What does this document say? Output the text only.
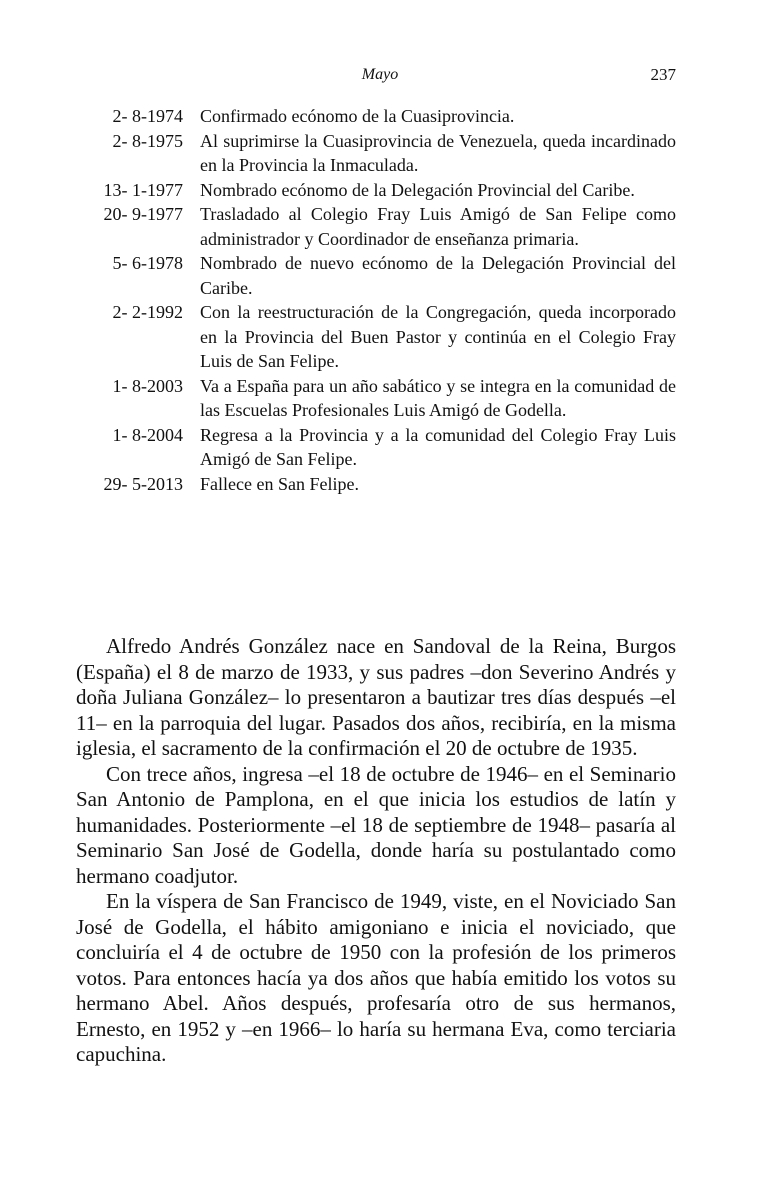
Mayo	237
2- 8-1974 Confirmado ecónomo de la Cuasiprovincia.
2- 8-1975 Al suprimirse la Cuasiprovincia de Venezuela, queda incardinado en la Provincia la Inmaculada.
13- 1-1977 Nombrado ecónomo de la Delegación Provincial del Caribe.
20- 9-1977 Trasladado al Colegio Fray Luis Amigó de San Felipe como administrador y Coordinador de enseñanza primaria.
5- 6-1978 Nombrado de nuevo ecónomo de la Delegación Provincial del Caribe.
2- 2-1992 Con la reestructuración de la Congregación, queda incorporado en la Provincia del Buen Pastor y continúa en el Colegio Fray Luis de San Felipe.
1- 8-2003 Va a España para un año sabático y se integra en la comunidad de las Escuelas Profesionales Luis Amigó de Godella.
1- 8-2004 Regresa a la Provincia y a la comunidad del Colegio Fray Luis Amigó de San Felipe.
29- 5-2013 Fallece en San Felipe.

Alfredo Andrés González nace en Sandoval de la Reina, Burgos (España) el 8 de marzo de 1933, y sus padres –don Severino Andrés y doña Juliana González– lo presentaron a bautizar tres días después –el 11– en la parroquia del lugar. Pasados dos años, recibiría, en la misma iglesia, el sacramento de la confirmación el 20 de octubre de 1935.

Con trece años, ingresa –el 18 de octubre de 1946– en el Seminario San Antonio de Pamplona, en el que inicia los estudios de latín y humanidades. Posteriormente –el 18 de septiembre de 1948– pasaría al Seminario San José de Godella, donde haría su postulantado como hermano coadjutor.

En la víspera de San Francisco de 1949, viste, en el Noviciado San José de Godella, el hábito amigoniano e inicia el noviciado, que concluiría el 4 de octubre de 1950 con la profesión de los primeros votos. Para entonces hacía ya dos años que había emitido los votos su hermano Abel. Años después, profesaría otro de sus hermanos, Ernesto, en 1952 y –en 1966– lo haría su hermana Eva, como terciaria capuchina.
